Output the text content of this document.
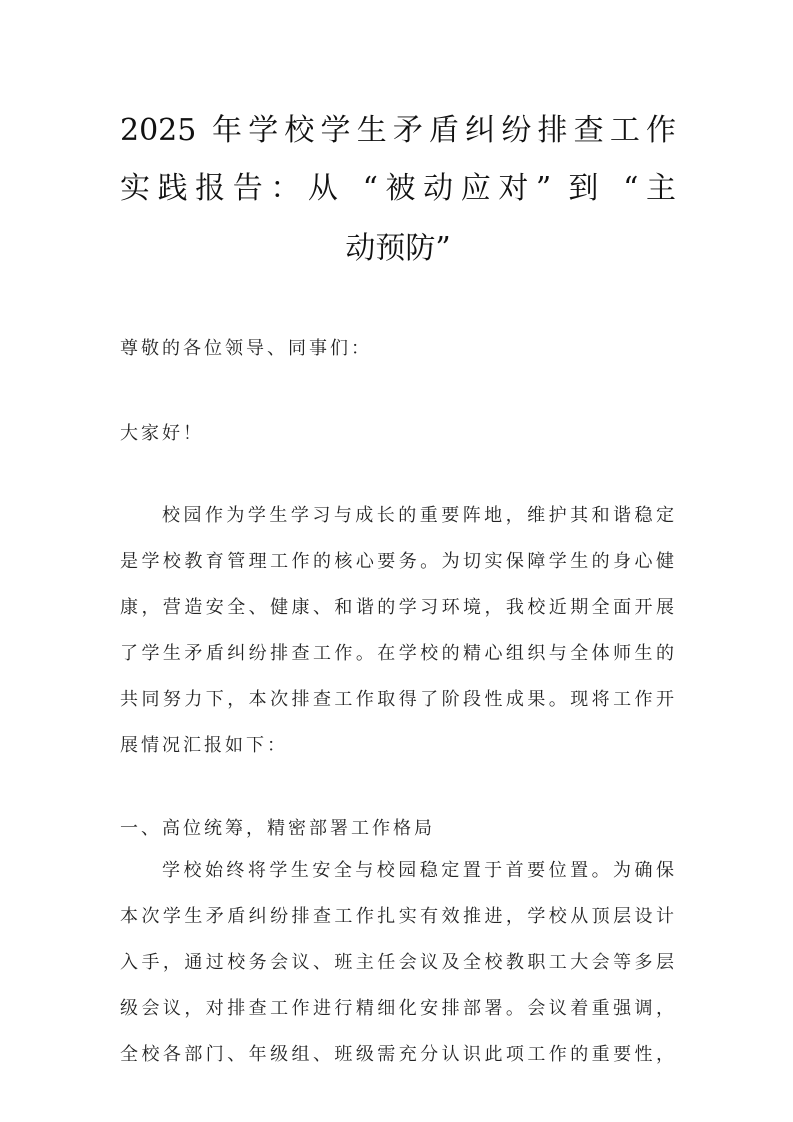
2025 年学校学生矛盾纠纷排查工作
实践报告：从 “被动应对” 到 “主
动预防”
尊敬的各位领导、同事们：
大家好！
校园作为学生学习与成长的重要阵地，维护其和谐稳定
是学校教育管理工作的核心要务。为切实保障学生的身心健
康，营造安全、健康、和谐的学习环境，我校近期全面开展
了学生矛盾纠纷排查工作。在学校的精心组织与全体师生的
共同努力下，本次排查工作取得了阶段性成果。现将工作开
展情况汇报如下：
一、高位统筹，精密部署工作格局
学校始终将学生安全与校园稳定置于首要位置。为确保
本次学生矛盾纠纷排查工作扎实有效推进，学校从顶层设计
入手，通过校务会议、班主任会议及全校教职工大会等多层
级会议，对排查工作进行精细化安排部署。会议着重强调，
全校各部门、年级组、班级需充分认识此项工作的重要性，
